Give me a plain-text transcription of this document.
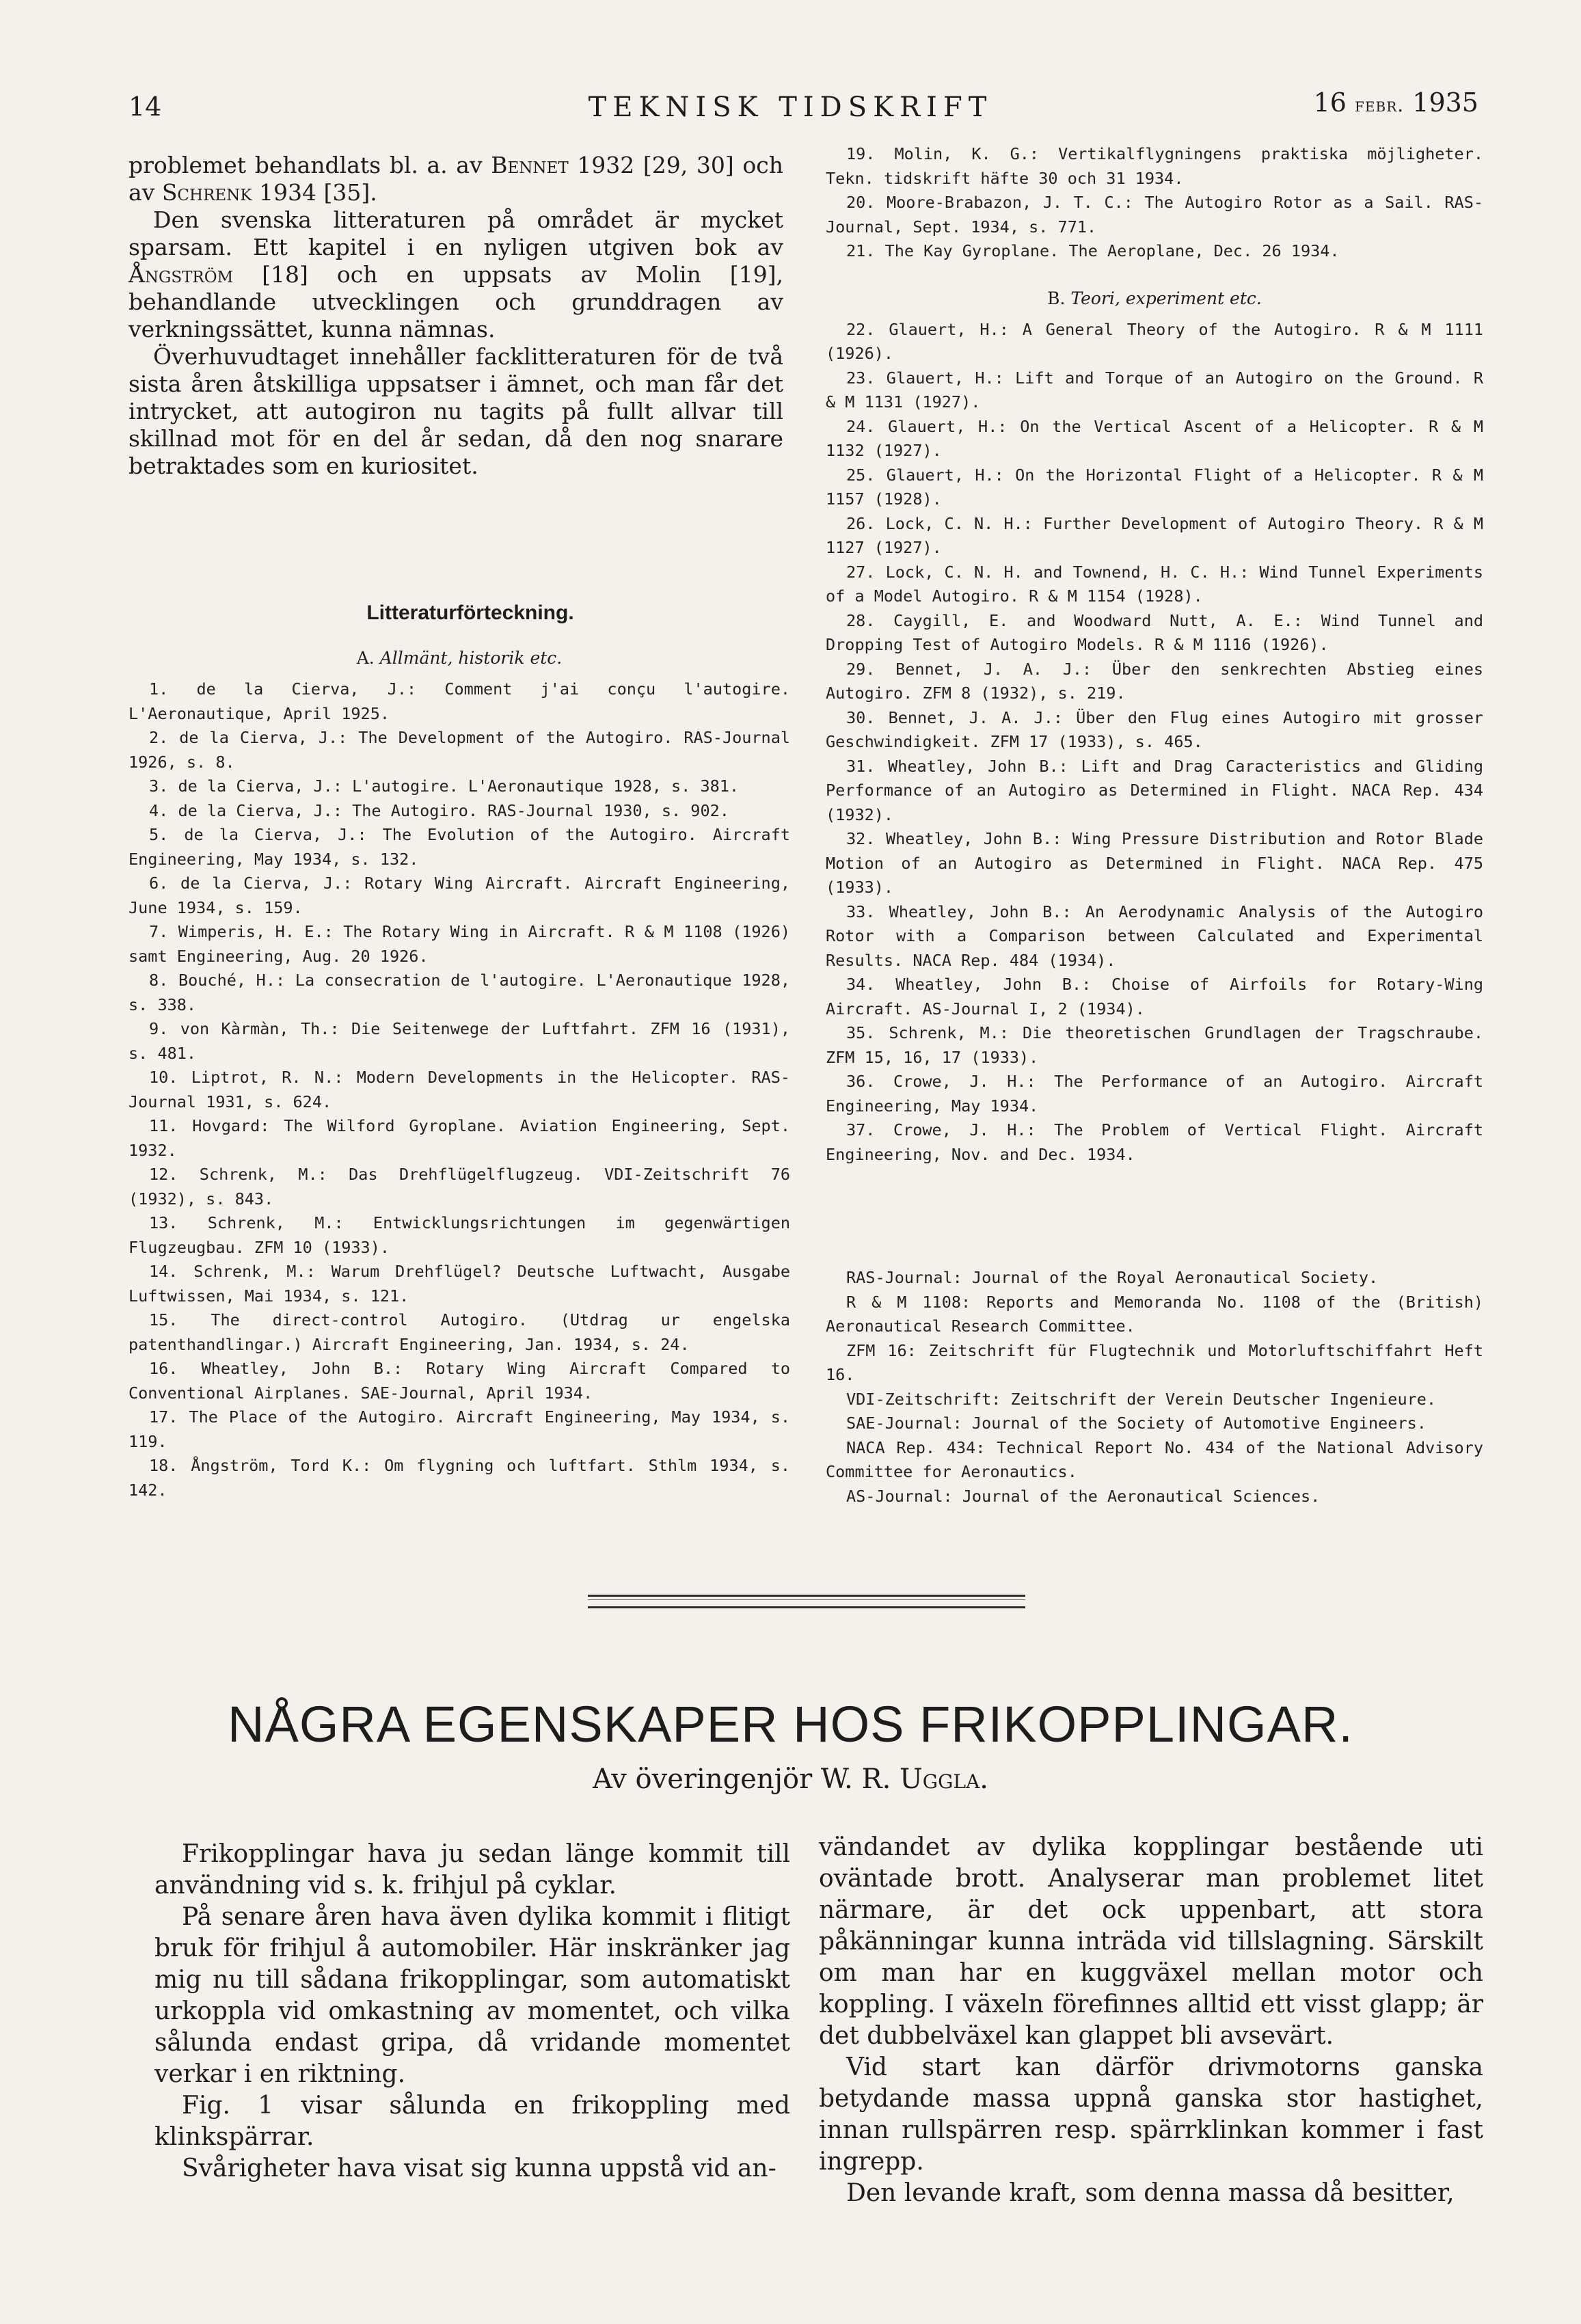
14	TEKNISK TIDSKRIFT	16 febr. 1935

problemet behandlats bl. a. av Bennet 1932 [29, 30] och av Schrenk 1934 [35].

Den svenska litteraturen på området är mycket sparsam. Ett kapitel i en nyligen utgiven bok av Ångström [18] och en uppsats av Molin [19], behandlande utvecklingen och grunddragen av verkningssättet, kunna nämnas.

Överhuvudtaget innehåller facklitteraturen för de två sista åren åtskilliga uppsatser i ämnet, och man får det intrycket, att autogiron nu tagits på fullt allvar till skillnad mot för en del år sedan, då den nog snarare betraktades som en kuriositet.

Litteraturförteckning.
A. Allmänt, historik etc.

1. de la Cierva, J.: Comment j'ai conçu l'autogire. L'Aeronautique, April 1925.

2. de la Cierva, J.: The Development of the Autogiro. RAS-Journal 1926, s. 8.

3. de la Cierva, J.: L'autogire. L'Aeronautique 1928, s. 381.

4. de la Cierva, J.: The Autogiro. RAS-Journal 1930, s. 902.

5. de la Cierva, J.: The Evolution of the Autogiro. Aircraft Engineering, May 1934, s. 132.

6. de la Cierva, J.: Rotary Wing Aircraft. Aircraft Engineering, June 1934, s. 159.

7. Wimperis, H. E.: The Rotary Wing in Aircraft. R & M 1108 (1926) samt Engineering, Aug. 20 1926.

8. Bouché, H.: La consecration de l'autogire. L'Aeronautique 1928, s. 338.

9. von Kàrmàn, Th.: Die Seitenwege der Luftfahrt. ZFM 16 (1931), s. 481.

10. Liptrot, R. N.: Modern Developments in the Helicopter. RAS-Journal 1931, s. 624.

11. Hovgard: The Wilford Gyroplane. Aviation Engineering, Sept. 1932.

12. Schrenk, M.: Das Drehflügelflugzeug. VDI-Zeitschrift 76 (1932), s. 843.

13. Schrenk, M.: Entwicklungsrichtungen im gegenwärtigen Flugzeugbau. ZFM 10 (1933).

14. Schrenk, M.: Warum Drehflügel? Deutsche Luftwacht, Ausgabe Luftwissen, Mai 1934, s. 121.

15. The direct-control Autogiro. (Utdrag ur engelska patenthandlingar.) Aircraft Engineering, Jan. 1934, s. 24.

16. Wheatley, John B.: Rotary Wing Aircraft Compared to Conventional Airplanes. SAE-Journal, April 1934.

17. The Place of the Autogiro. Aircraft Engineering, May 1934, s. 119.

18. Ångström, Tord K.: Om flygning och luftfart. Sthlm 1934, s. 142.

19. Molin, K. G.: Vertikalflygningens praktiska möjligheter. Tekn. tidskrift häfte 30 och 31 1934.

20. Moore-Brabazon, J. T. C.: The Autogiro Rotor as a Sail. RAS-Journal, Sept. 1934, s. 771.

21. The Kay Gyroplane. The Aeroplane, Dec. 26 1934.

B. Teori, experiment etc.

22. Glauert, H.: A General Theory of the Autogiro. R & M 1111 (1926).

23. Glauert, H.: Lift and Torque of an Autogiro on the Ground. R & M 1131 (1927).

24. Glauert, H.: On the Vertical Ascent of a Helicopter. R & M 1132 (1927).

25. Glauert, H.: On the Horizontal Flight of a Helicopter. R & M 1157 (1928).

26. Lock, C. N. H.: Further Development of Autogiro Theory. R & M 1127 (1927).

27. Lock, C. N. H. and Townend, H. C. H.: Wind Tunnel Experiments of a Model Autogiro. R & M 1154 (1928).

28. Caygill, E. and Woodward Nutt, A. E.: Wind Tunnel and Dropping Test of Autogiro Models. R & M 1116 (1926).

29. Bennet, J. A. J.: Über den senkrechten Abstieg eines Autogiro. ZFM 8 (1932), s. 219.

30. Bennet, J. A. J.: Über den Flug eines Autogiro mit grosser Geschwindigkeit. ZFM 17 (1933), s. 465.

31. Wheatley, John B.: Lift and Drag Caracteristics and Gliding Performance of an Autogiro as Determined in Flight. NACA Rep. 434 (1932).

32. Wheatley, John B.: Wing Pressure Distribution and Rotor Blade Motion of an Autogiro as Determined in Flight. NACA Rep. 475 (1933).

33. Wheatley, John B.: An Aerodynamic Analysis of the Autogiro Rotor with a Comparison between Calculated and Experimental Results. NACA Rep. 484 (1934).

34. Wheatley, John B.: Choise of Airfoils for Rotary-Wing Aircraft. AS-Journal I, 2 (1934).

35. Schrenk, M.: Die theoretischen Grundlagen der Tragschraube. ZFM 15, 16, 17 (1933).

36. Crowe, J. H.: The Performance of an Autogiro. Aircraft Engineering, May 1934.

37. Crowe, J. H.: The Problem of Vertical Flight. Aircraft Engineering, Nov. and Dec. 1934.

RAS-Journal: Journal of the Royal Aeronautical Society.

R & M 1108: Reports and Memoranda No. 1108 of the (British) Aeronautical Research Committee.

ZFM 16: Zeitschrift für Flugtechnik und Motorluftschiffahrt Heft 16.

VDI-Zeitschrift: Zeitschrift der Verein Deutscher Ingenieure.

SAE-Journal: Journal of the Society of Automotive Engineers.

NACA Rep. 434: Technical Report No. 434 of the National Advisory Committee for Aeronautics.

AS-Journal: Journal of the Aeronautical Sciences.

NÅGRA EGENSKAPER HOS FRIKOPPLINGAR.
Av överingenjör W. R. Uggla.

Frikopplingar hava ju sedan länge kommit till användning vid s. k. frihjul på cyklar.

På senare åren hava även dylika kommit i flitigt bruk för frihjul å automobiler. Här inskränker jag mig nu till sådana frikopplingar, som automatiskt urkoppla vid omkastning av momentet, och vilka sålunda endast gripa, då vridande momentet verkar i en riktning.

Fig. 1 visar sålunda en frikoppling med klinkspärrar.

Svårigheter hava visat sig kunna uppstå vid an-

vändandet av dylika kopplingar bestående uti oväntade brott. Analyserar man problemet litet närmare, är det ock uppenbart, att stora påkänningar kunna inträda vid tillslagning. Särskilt om man har en kuggväxel mellan motor och koppling. I växeln förefinnes alltid ett visst glapp; är det dubbelväxel kan glappet bli avsevärt.

Vid start kan därför drivmotorns ganska betydande massa uppnå ganska stor hastighet, innan rullspärren resp. spärrklinkan kommer i fast ingrepp.

Den levande kraft, som denna massa då besitter,
